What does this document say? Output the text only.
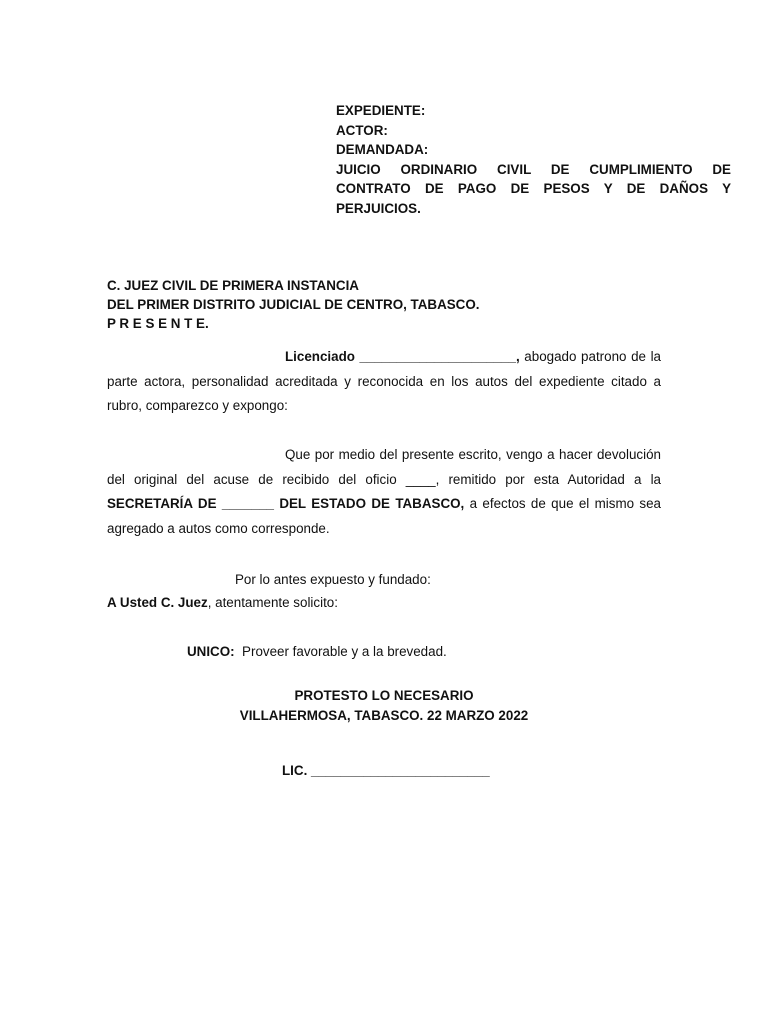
EXPEDIENTE:
ACTOR:
DEMANDADA:
JUICIO ORDINARIO CIVIL DE CUMPLIMIENTO DE CONTRATO DE PAGO DE PESOS Y DE DAÑOS Y PERJUICIOS.
C. JUEZ CIVIL DE PRIMERA INSTANCIA
DEL PRIMER DISTRITO JUDICIAL DE CENTRO, TABASCO.
P R E S E N T E.
Licenciado _____________________, abogado patrono de la parte actora, personalidad acreditada y reconocida en los autos del expediente citado a rubro, comparezco y expongo:
Que por medio del presente escrito, vengo a hacer devolución del original del acuse de recibido del oficio ____, remitido por esta Autoridad a la SECRETARÍA DE _______ DEL ESTADO DE TABASCO, a efectos de que el mismo sea agregado a autos como corresponde.
Por lo antes expuesto y fundado:
A Usted C. Juez, atentamente solicito:
UNICO:  Proveer favorable y a la brevedad.
PROTESTO LO NECESARIO
VILLAHERMOSA, TABASCO. 22 MARZO 2022
LIC. ________________________
